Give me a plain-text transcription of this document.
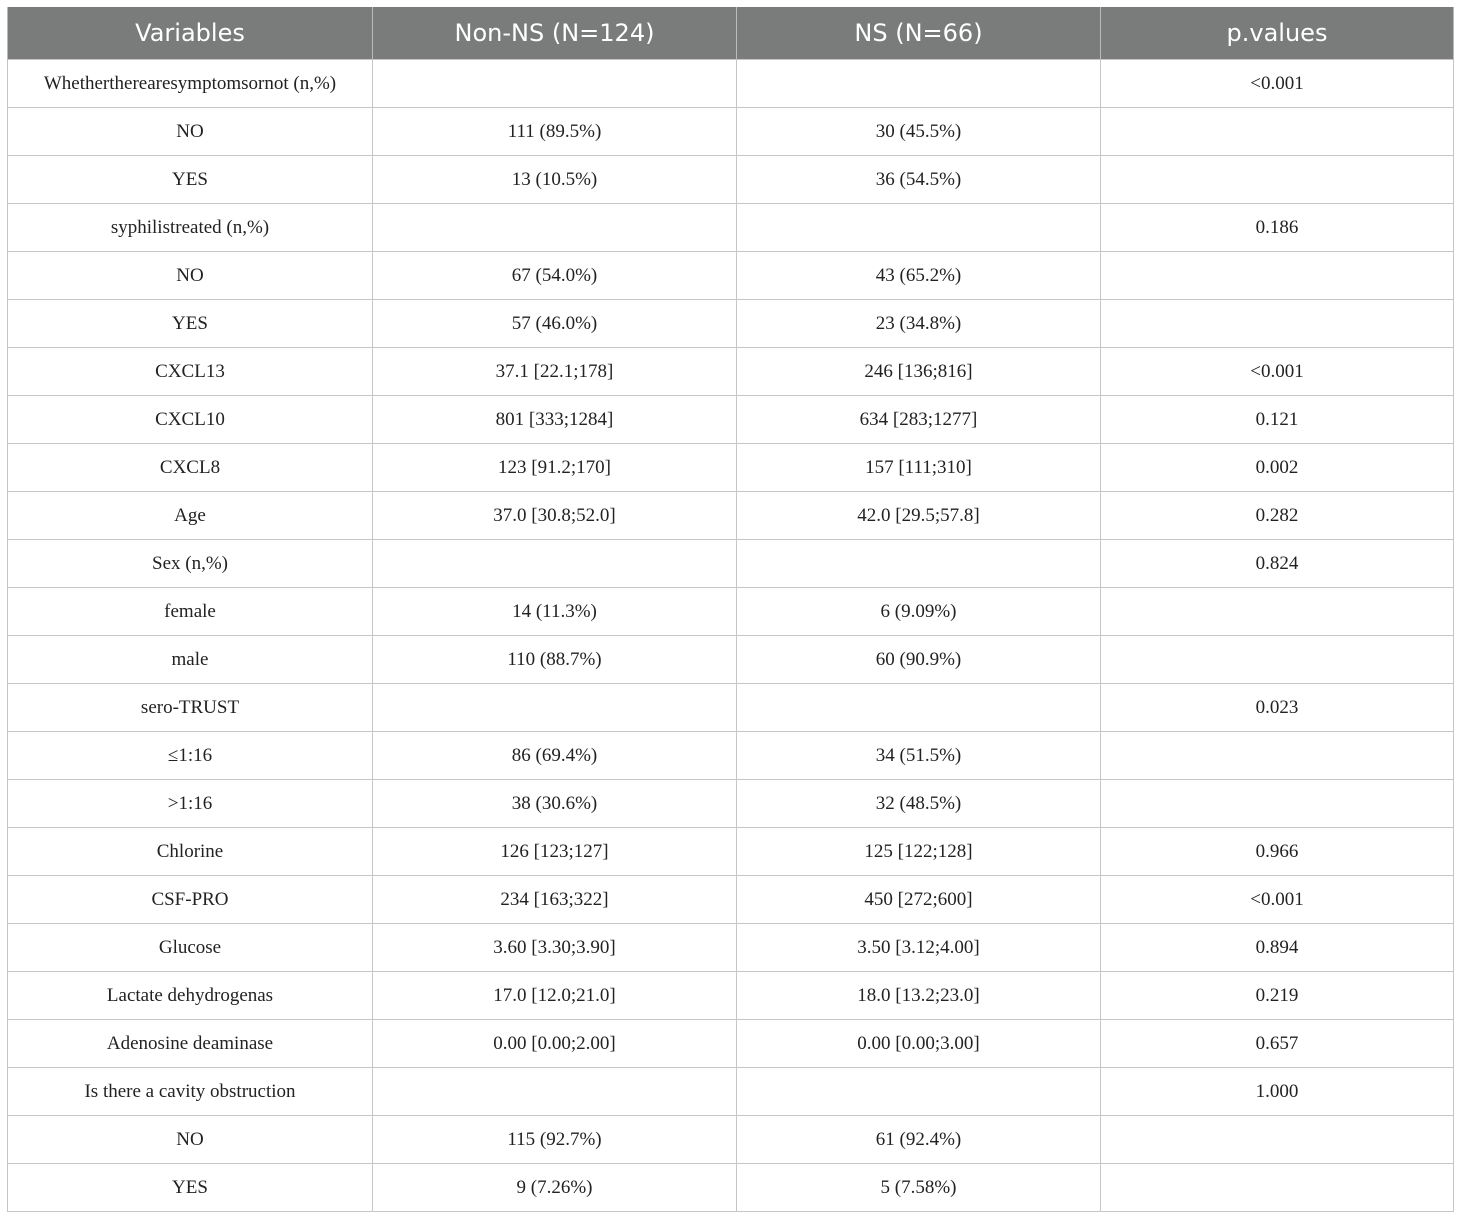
Variables	Non-NS (N=124)	NS (N=66)	p.values
Whethertherearesymptomsornot (n,%)			<0.001
NO	111 (89.5%)	30 (45.5%)	
YES	13 (10.5%)	36 (54.5%)	
syphilistreated (n,%)			0.186
NO	67 (54.0%)	43 (65.2%)	
YES	57 (46.0%)	23 (34.8%)	
CXCL13	37.1 [22.1;178]	246 [136;816]	<0.001
CXCL10	801 [333;1284]	634 [283;1277]	0.121
CXCL8	123 [91.2;170]	157 [111;310]	0.002
Age	37.0 [30.8;52.0]	42.0 [29.5;57.8]	0.282
Sex (n,%)			0.824
female	14 (11.3%)	6 (9.09%)	
male	110 (88.7%)	60 (90.9%)	
sero-TRUST			0.023
≤1:16	86 (69.4%)	34 (51.5%)	
>1:16	38 (30.6%)	32 (48.5%)	
Chlorine	126 [123;127]	125 [122;128]	0.966
CSF-PRO	234 [163;322]	450 [272;600]	<0.001
Glucose	3.60 [3.30;3.90]	3.50 [3.12;4.00]	0.894
Lactate dehydrogenas	17.0 [12.0;21.0]	18.0 [13.2;23.0]	0.219
Adenosine deaminase	0.00 [0.00;2.00]	0.00 [0.00;3.00]	0.657
Is there a cavity obstruction			1.000
NO	115 (92.7%)	61 (92.4%)	
YES	9 (7.26%)	5 (7.58%)	
